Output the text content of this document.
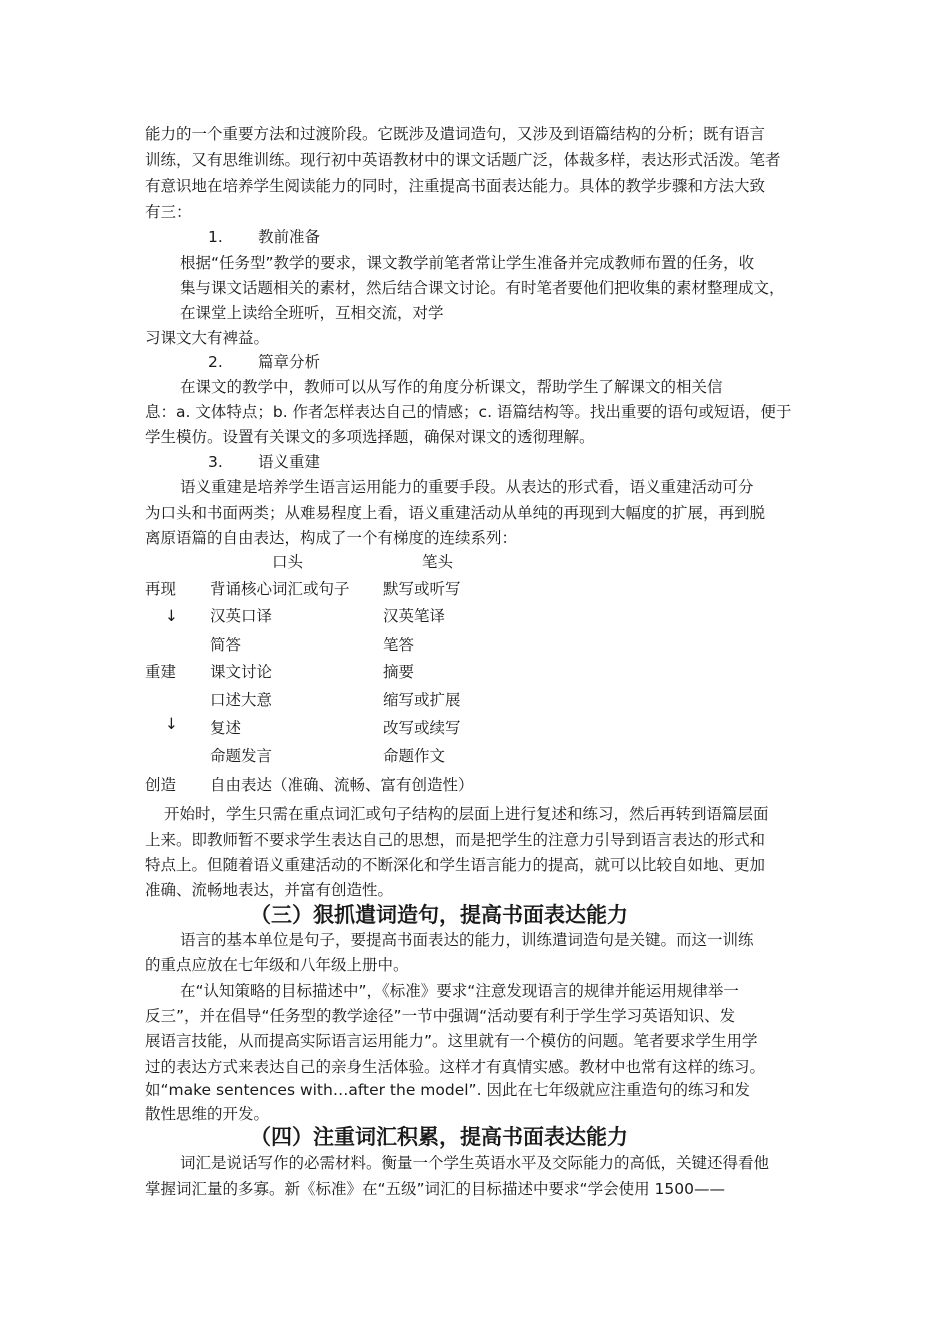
能力的一个重要方法和过渡阶段。它既涉及遣词造句，又涉及到语篇结构的分析；既有语言
训练，又有思维训练。现行初中英语教材中的课文话题广泛，体裁多样，表达形式活泼。笔者
有意识地在培养学生阅读能力的同时，注重提高书面表达能力。具体的教学步骤和方法大致
有三：
1. 教前准备
根据“任务型”教学的要求，课文教学前笔者常让学生准备并完成教师布置的任务，收
集与课文话题相关的素材，然后结合课文讨论。有时笔者要他们把收集的素材整理成文，
在课堂上读给全班听，互相交流，对学
习课文大有裨益。
2. 篇章分析
在课文的教学中，教师可以从写作的角度分析课文，帮助学生了解课文的相关信
息：a. 文体特点；b. 作者怎样表达自己的情感；c. 语篇结构等。找出重要的语句或短语，便于
学生模仿。设置有关课文的多项选择题，确保对课文的透彻理解。
3. 语义重建
语义重建是培养学生语言运用能力的重要手段。从表达的形式看，语义重建活动可分
为口头和书面两类；从难易程度上看，语义重建活动从单纯的再现到大幅度的扩展，再到脱
离原语篇的自由表达，构成了一个有梯度的连续系列：
口头	笔头
再现 背诵核心词汇或句子 默写或听写
↓ 汉英口译	汉英笔译
简答	笔答
重建 课文讨论	摘要
口述大意	缩写或扩展
↓ 复述	改写或续写
命题发言	命题作文
创造 自由表达（准确、流畅、富有创造性）
开始时，学生只需在重点词汇或句子结构的层面上进行复述和练习，然后再转到语篇层面
上来。即教师暂不要求学生表达自己的思想，而是把学生的注意力引导到语言表达的形式和
特点上。但随着语义重建活动的不断深化和学生语言能力的提高，就可以比较自如地、更加
准确、流畅地表达，并富有创造性。
（三）狠抓遣词造句，提高书面表达能力
语言的基本单位是句子，要提高书面表达的能力，训练遣词造句是关键。而这一训练
的重点应放在七年级和八年级上册中。
在“认知策略的目标描述中”，《标准》要求“注意发现语言的规律并能运用规律举一
反三”，并在倡导“任务型的教学途径”一节中强调“活动要有利于学生学习英语知识、发
展语言技能，从而提高实际语言运用能力”。这里就有一个模仿的问题。笔者要求学生用学
过的表达方式来表达自己的亲身生活体验。这样才有真情实感。教材中也常有这样的练习。
如“make sentences with…after the model”. 因此在七年级就应注重造句的练习和发
散性思维的开发。
（四）注重词汇积累，提高书面表达能力
词汇是说话写作的必需材料。衡量一个学生英语水平及交际能力的高低，关键还得看他
掌握词汇量的多寡。新《标准》在“五级”词汇的目标描述中要求“学会使用 1500——
